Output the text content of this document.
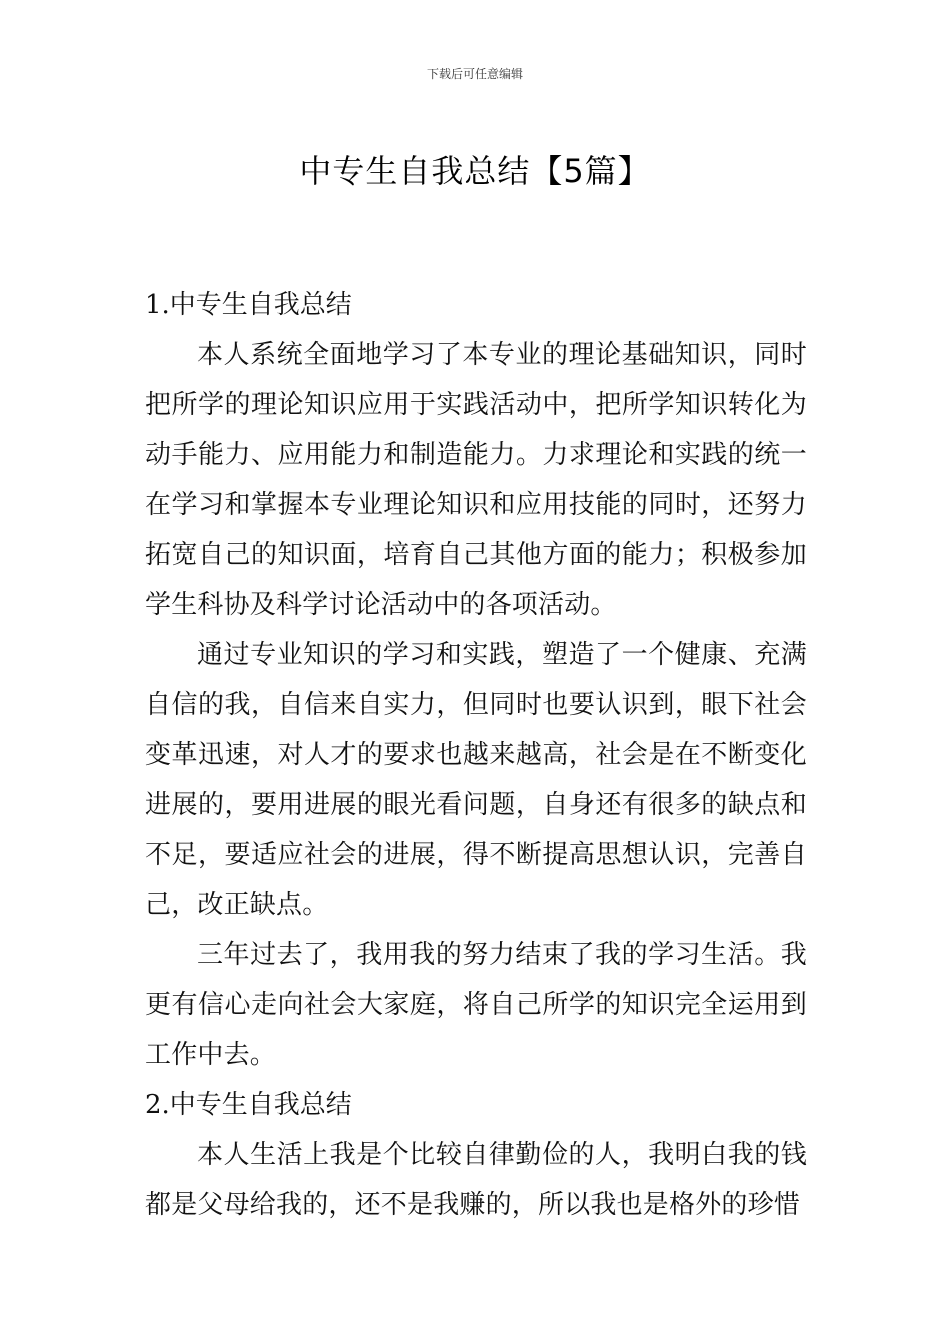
下载后可任意编辑
中专生自我总结【5篇】

1.中专生自我总结

本人系统全面地学习了本专业的理论基础知识，同时把所学的理论知识应用于实践活动中，把所学知识转化为动手能力、应用能力和制造能力。力求理论和实践的统一在学习和掌握本专业理论知识和应用技能的同时，还努力拓宽自己的知识面，培育自己其他方面的能力；积极参加学生科协及科学讨论活动中的各项活动。

通过专业知识的学习和实践，塑造了一个健康、充满自信的我，自信来自实力，但同时也要认识到，眼下社会变革迅速，对人才的要求也越来越高，社会是在不断变化进展的，要用进展的眼光看问题，自身还有很多的缺点和不足，要适应社会的进展，得不断提高思想认识，完善自己，改正缺点。

三年过去了，我用我的努力结束了我的学习生活。我更有信心走向社会大家庭，将自己所学的知识完全运用到工作中去。

2.中专生自我总结

本人生活上我是个比较自律勤俭的人，我明白我的钱都是父母给我的，还不是我赚的，所以我也是格外的珍惜
